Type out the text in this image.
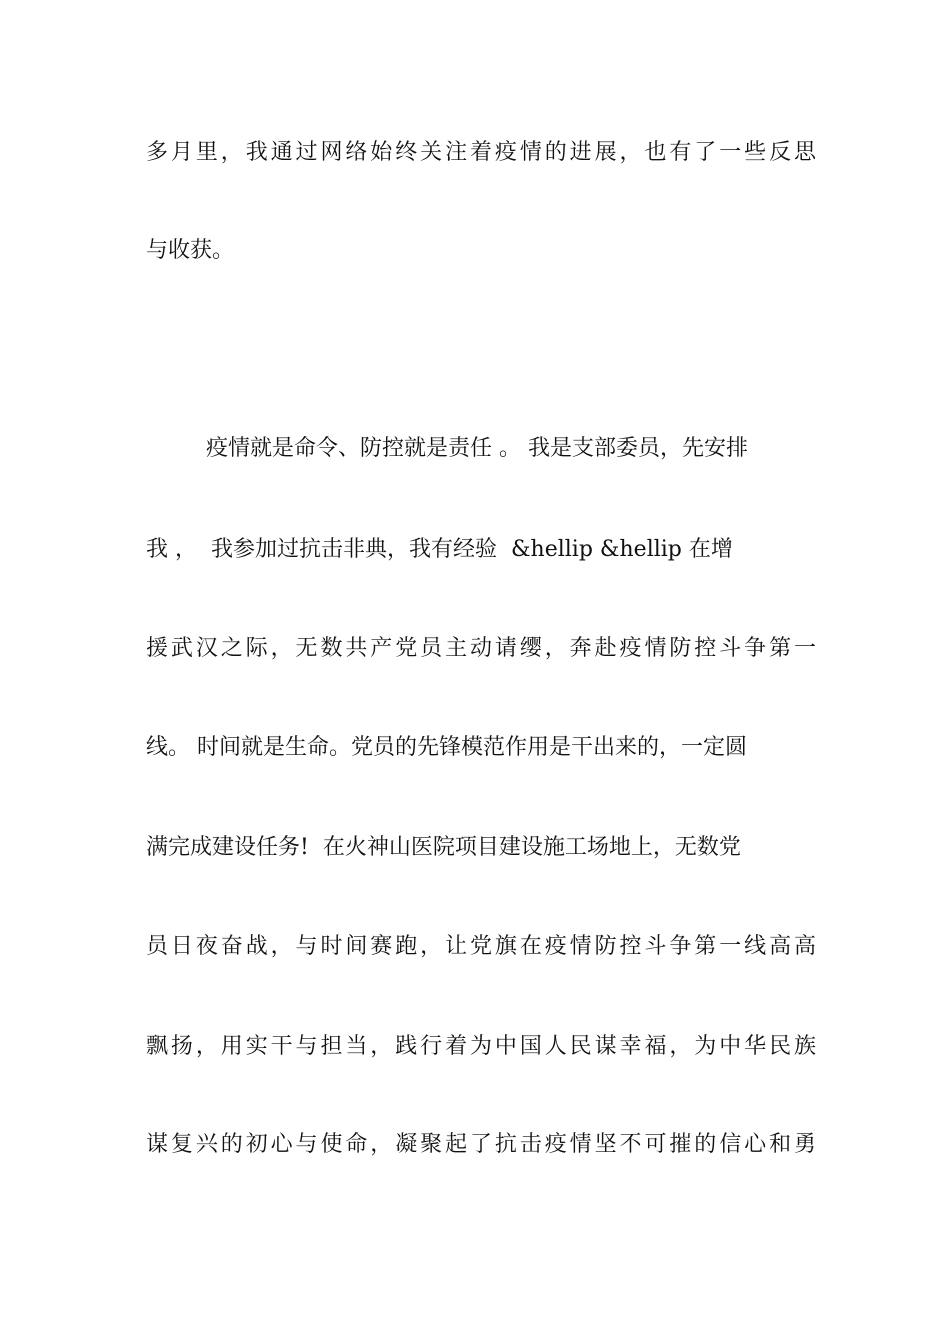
多月里，我通过网络始终关注着疫情的进展，也有了一些反思
与收获。
疫情就是命令、防控就是责任 。 我是支部委员，先安排
我 ，  我参加过抗击非典，我有经验  &hellip &hellip 在增
援武汉之际，无数共产党员主动请缨，奔赴疫情防控斗争第一
线。 时间就是生命。党员的先锋模范作用是干出来的，一定圆
满完成建设任务!  在火神山医院项目建设施工场地上，无数党
员日夜奋战，与时间赛跑，让党旗在疫情防控斗争第一线高高
飘扬，用实干与担当，践行着为中国人民谋幸福，为中华民族
谋复兴的初心与使命，凝聚起了抗击疫情坚不可摧的信心和勇
